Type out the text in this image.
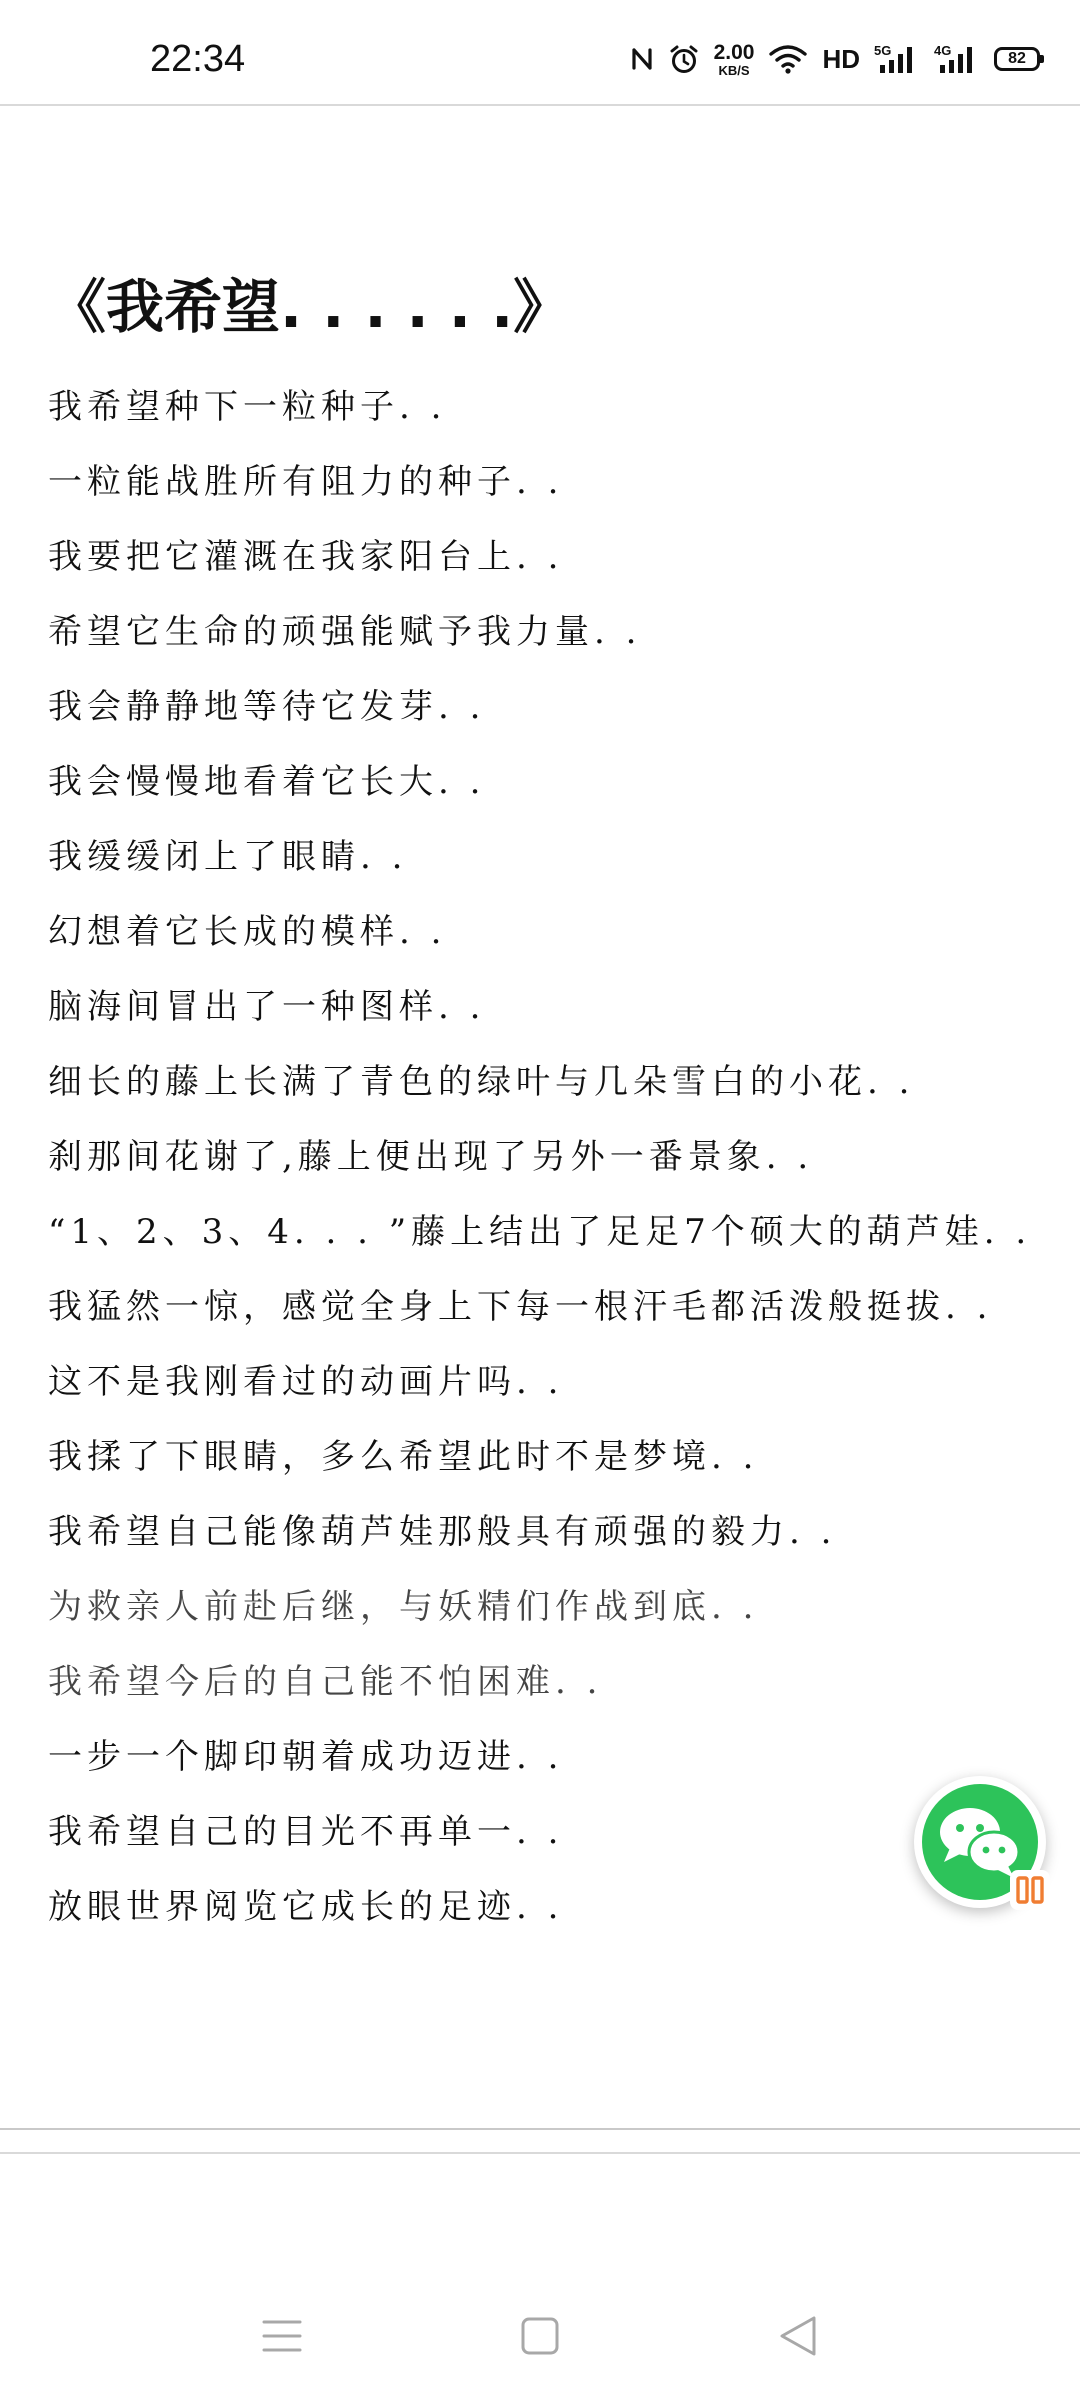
22:34	2.00
KB/S	HD 5G	4G	82
《我希望. . . . . .》
我希望种下一粒种子. .
一粒能战胜所有阻力的种子. .
我要把它灌溉在我家阳台上. .
希望它生命的顽强能赋予我力量. .
我会静静地等待它发芽. .
我会慢慢地看着它长大. .
我缓缓闭上了眼睛. .
幻想着它长成的模样. .
脑海间冒出了一种图样. .
细长的藤上长满了青色的绿叶与几朵雪白的小花. .
刹那间花谢了,藤上便出现了另外一番景象. .
“1、2、3、4. . . ”藤上结出了足足7个硕大的葫芦娃. .
我猛然一惊，感觉全身上下每一根汗毛都活泼般挺拔. .
这不是我刚看过的动画片吗. .
我揉了下眼睛，多么希望此时不是梦境. .
我希望自己能像葫芦娃那般具有顽强的毅力. .
为救亲人前赴后继，与妖精们作战到底. .
我希望今后的自己能不怕困难. .
一步一个脚印朝着成功迈进. .
我希望自己的目光不再单一. .
放眼世界阅览它成长的足迹. .
